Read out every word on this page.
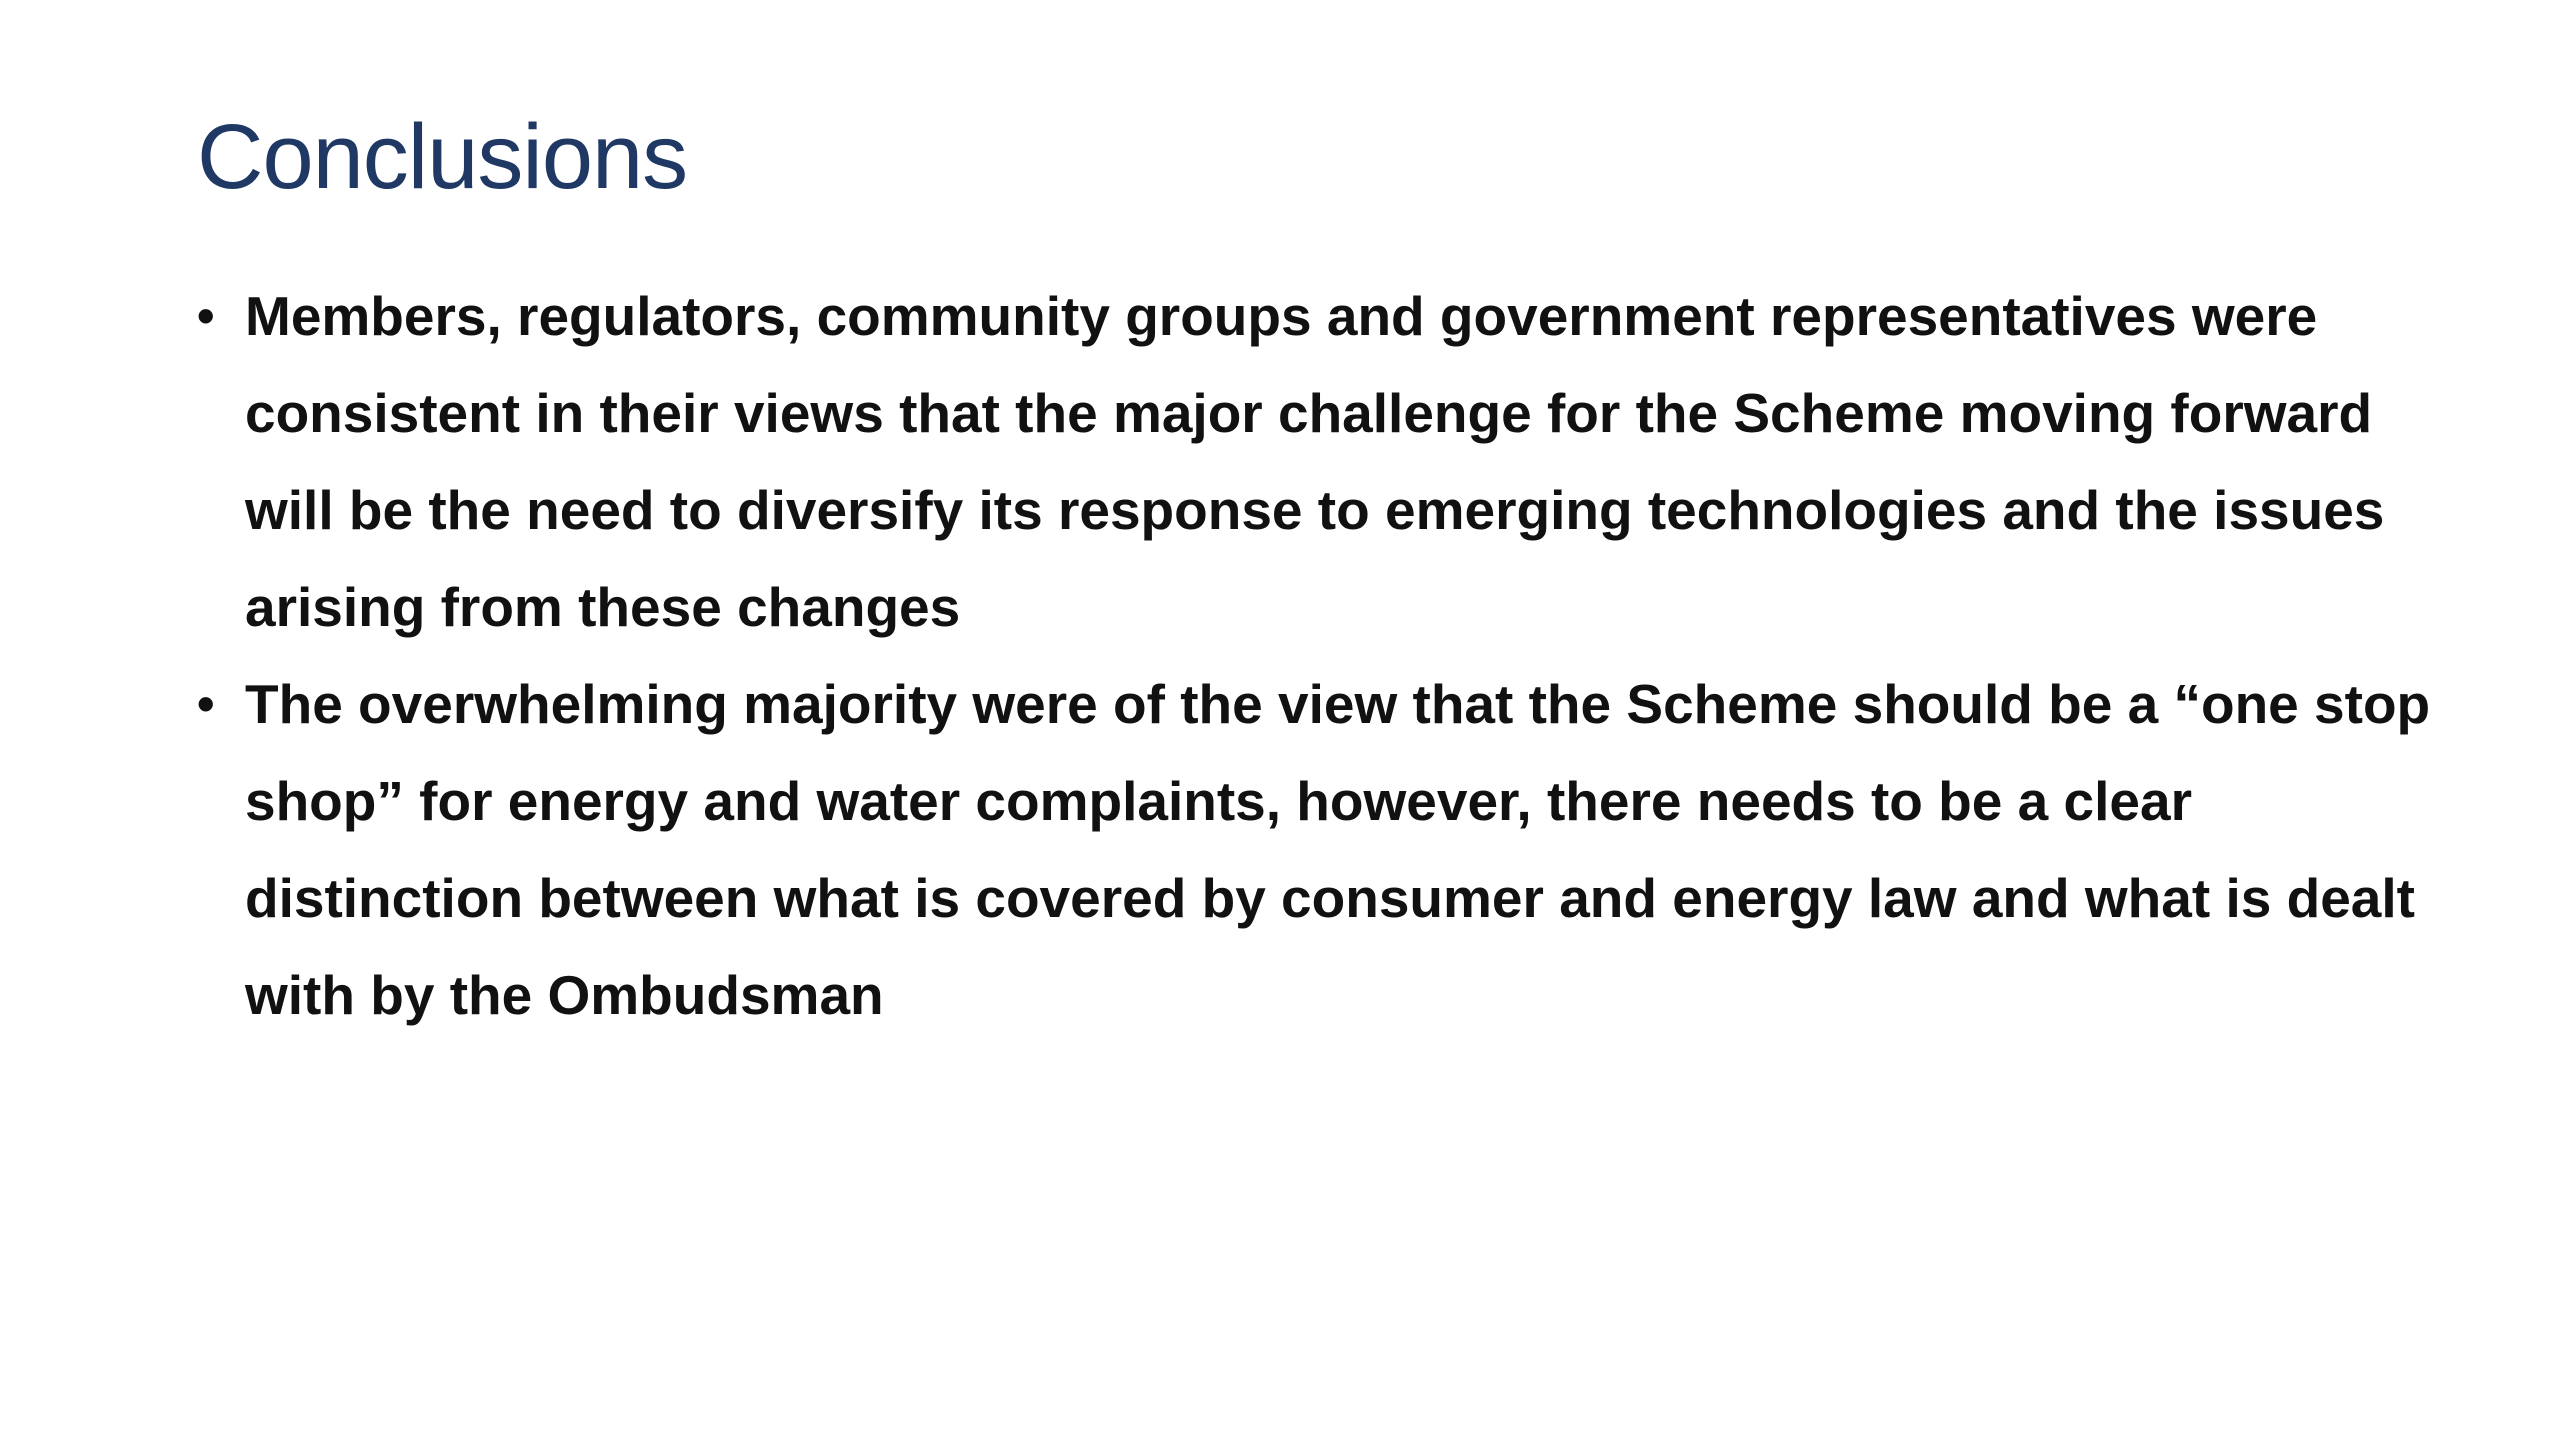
Conclusions
• Members, regulators, community groups and government representatives were consistent in their views that the major challenge for the Scheme moving forward will be the need to diversify its response to emerging technologies and the issues arising from these changes
• The overwhelming majority were of the view that the Scheme should be a “one stop shop” for energy and water complaints, however, there needs to be a clear distinction between what is covered by consumer and energy law and what is dealt with by the Ombudsman
